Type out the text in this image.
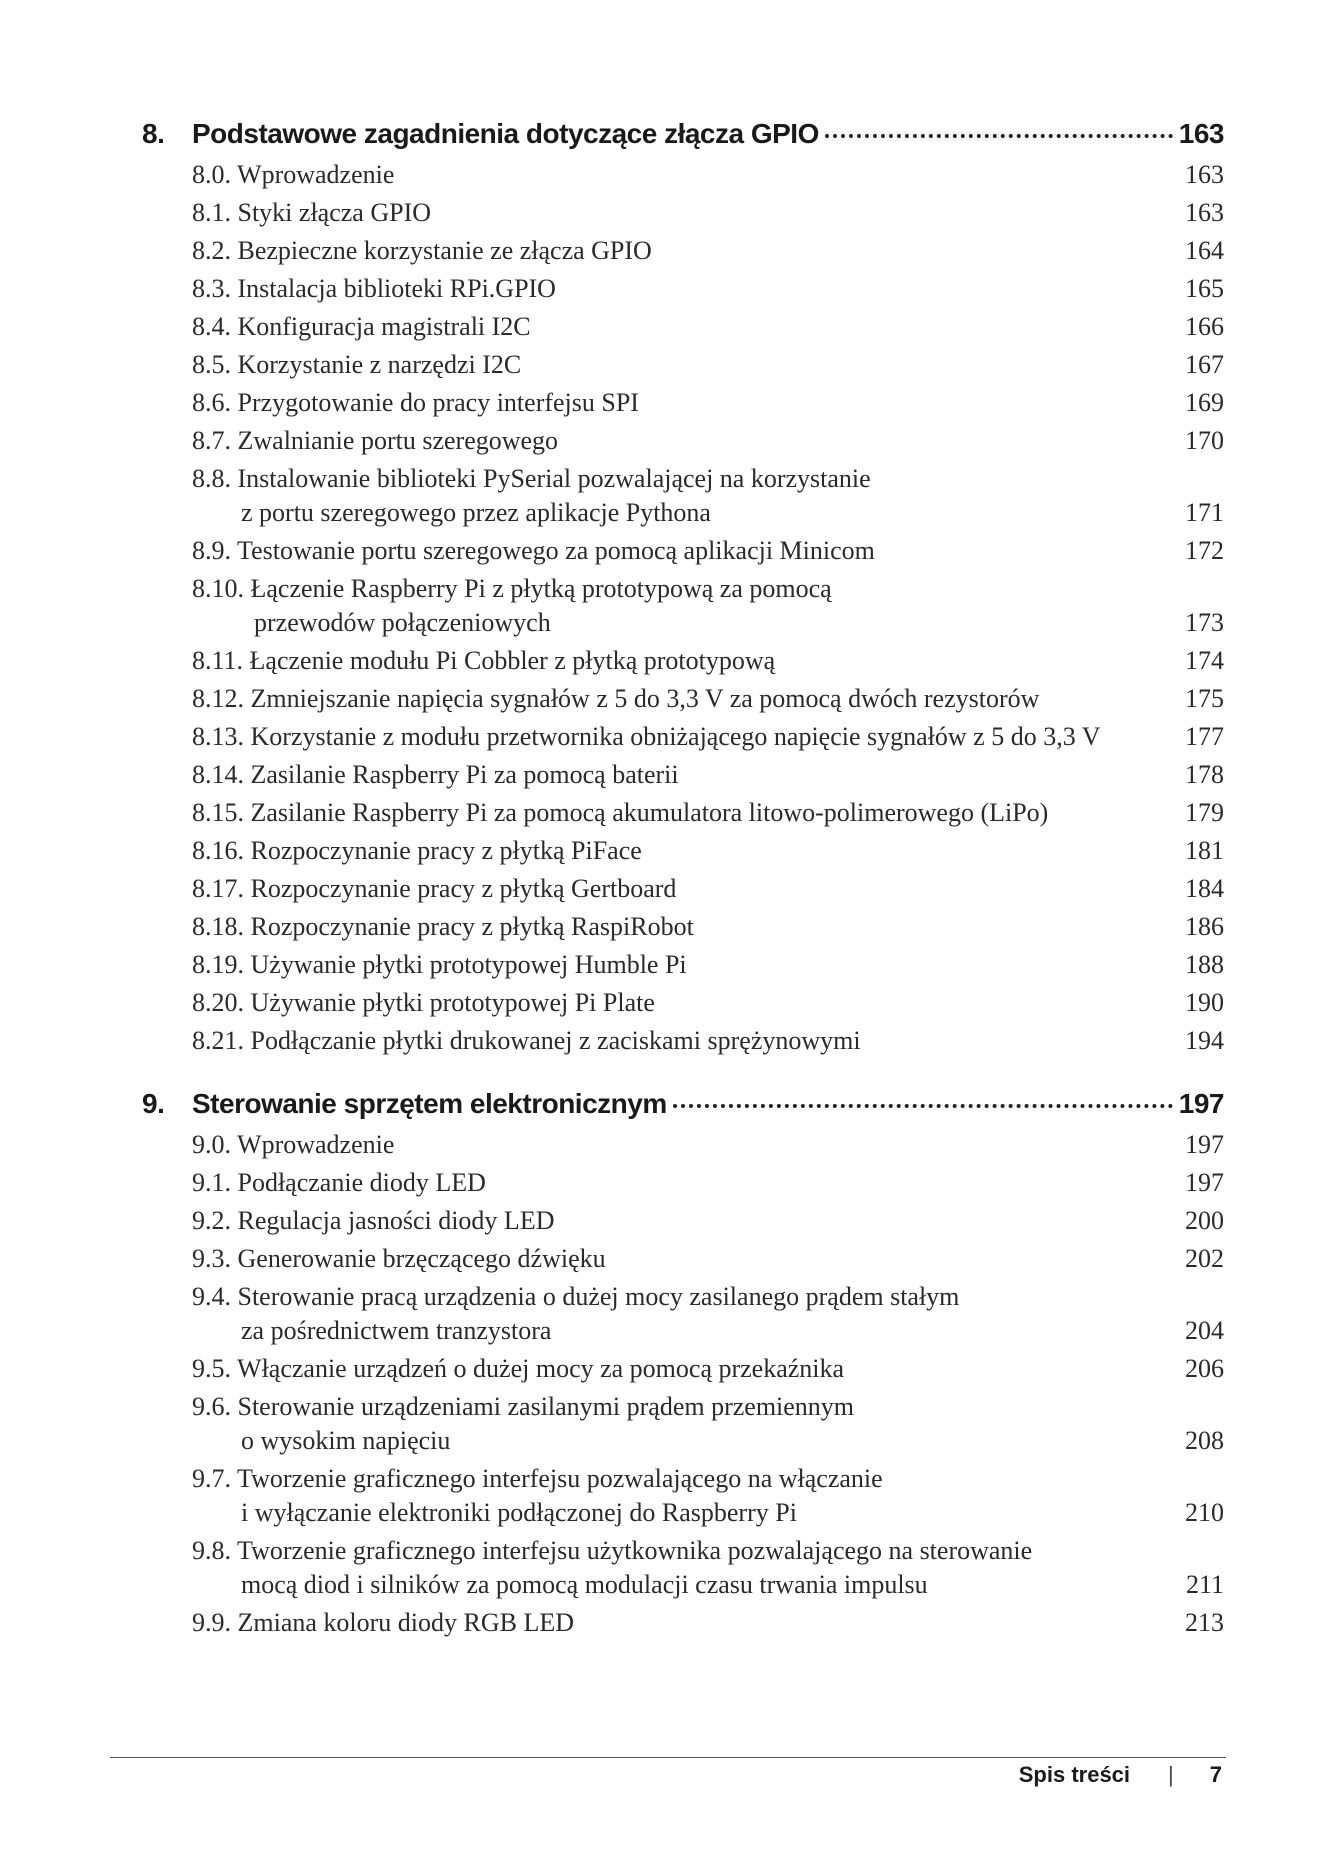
8. Podstawowe zagadnienia dotyczące złącza GPIO	163
8.0. Wprowadzenie	163
8.1. Styki złącza GPIO	163
8.2. Bezpieczne korzystanie ze złącza GPIO	164
8.3. Instalacja biblioteki RPi.GPIO	165
8.4. Konfiguracja magistrali I2C	166
8.5. Korzystanie z narzędzi I2C	167
8.6. Przygotowanie do pracy interfejsu SPI	169
8.7. Zwalnianie portu szeregowego	170
8.8. Instalowanie biblioteki PySerial pozwalającej na korzystanie
z portu szeregowego przez aplikacje Pythona	171
8.9. Testowanie portu szeregowego za pomocą aplikacji Minicom	172
8.10. Łączenie Raspberry Pi z płytką prototypową za pomocą
przewodów połączeniowych	173
8.11. Łączenie modułu Pi Cobbler z płytką prototypową	174
8.12. Zmniejszanie napięcia sygnałów z 5 do 3,3 V za pomocą dwóch rezystorów	175
8.13. Korzystanie z modułu przetwornika obniżającego napięcie sygnałów z 5 do 3,3 V	177
8.14. Zasilanie Raspberry Pi za pomocą baterii	178
8.15. Zasilanie Raspberry Pi za pomocą akumulatora litowo-polimerowego (LiPo)	179
8.16. Rozpoczynanie pracy z płytką PiFace	181
8.17. Rozpoczynanie pracy z płytką Gertboard	184
8.18. Rozpoczynanie pracy z płytką RaspiRobot	186
8.19. Używanie płytki prototypowej Humble Pi	188
8.20. Używanie płytki prototypowej Pi Plate	190
8.21. Podłączanie płytki drukowanej z zaciskami sprężynowymi	194
9. Sterowanie sprzętem elektronicznym	197
9.0. Wprowadzenie	197
9.1. Podłączanie diody LED	197
9.2. Regulacja jasności diody LED	200
9.3. Generowanie brzęczącego dźwięku	202
9.4. Sterowanie pracą urządzenia o dużej mocy zasilanego prądem stałym
za pośrednictwem tranzystora	204
9.5. Włączanie urządzeń o dużej mocy za pomocą przekaźnika	206
9.6. Sterowanie urządzeniami zasilanymi prądem przemiennym
o wysokim napięciu	208
9.7. Tworzenie graficznego interfejsu pozwalającego na włączanie
i wyłączanie elektroniki podłączonej do Raspberry Pi	210
9.8. Tworzenie graficznego interfejsu użytkownika pozwalającego na sterowanie
mocą diod i silników za pomocą modulacji czasu trwania impulsu	211
9.9. Zmiana koloru diody RGB LED	213
Spis treści | 7
